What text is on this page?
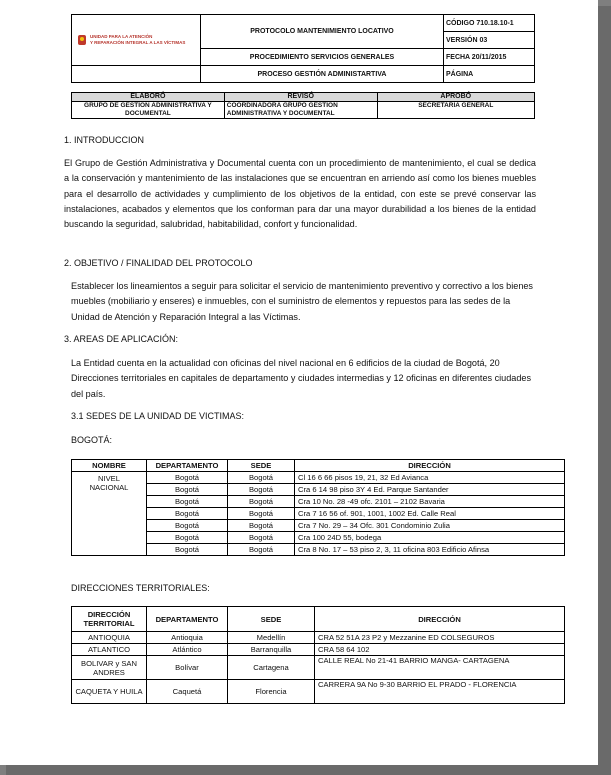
UNIDAD PARA LA ATENCIÓN
Y REPARACIÓN INTEGRAL A LAS VÍCTIMAS	PROTOCOLO MANTENIMIENTO LOCATIVO	CÓDIGO 710.18.10-1
		VERSIÓN 03
	PROCEDIMIENTO SERVICIOS GENERALES	FECHA 20/11/2015
	PROCESO GESTIÓN ADMINISTARTIVA	PÁGINA
ELABORÓ	REVISÓ	APROBÓ
GRUPO DE GESTIÓN ADMINISTRATIVA Y DOCUMENTAL	COORDINADORA GRUPO GESTIÓN ADMINISTRATIVA Y DOCUMENTAL	SECRETARIA GENERAL
1. INTRODUCCION
El Grupo de Gestión Administrativa y Documental cuenta con un procedimiento de mantenimiento, el cual se dedica a la conservación y mantenimiento de las instalaciones que se encuentran en arriendo así como los bienes muebles para el desarrollo de actividades y cumplimiento de los objetivos de la entidad, con este se prevé conservar las instalaciones, acabados y elementos que los conforman para dar una mayor durabilidad a los bienes de la entidad buscando la seguridad, salubridad, habitabilidad, confort y funcionalidad.
2. OBJETIVO / FINALIDAD DEL PROTOCOLO
Establecer los lineamientos a seguir para solicitar el servicio de mantenimiento preventivo y correctivo a los bienes muebles (mobiliario y enseres) e inmuebles, con el suministro de elementos y repuestos para las sedes de la Unidad de Atención y Reparación Integral a las Víctimas.
3. AREAS DE APLICACIÓN:
La Entidad cuenta en la actualidad con oficinas del nivel nacional en 6 edificios de la ciudad de Bogotá, 20 Direcciones territoriales en capitales de departamento y ciudades intermedias y 12 oficinas en diferentes ciudades del país.
3.1 SEDES DE LA UNIDAD DE VICTIMAS:
BOGOTÁ:
NOMBRE	DEPARTAMENTO	SEDE	DIRECCIÓN
NIVEL
NACIONAL	Bogotá	Bogotá	Cl 16 6 66 pisos 19, 21, 32 Ed Avianca
	Bogotá	Bogotá	Cra 6 14 98 piso 3Y 4 Ed. Parque Santander
	Bogotá	Bogotá	Cra 10 No. 28 -49 ofc. 2101 – 2102 Bavaria
	Bogotá	Bogotá	Cra 7 16 56 of. 901, 1001, 1002 Ed. Calle Real
	Bogotá	Bogotá	Cra 7 No. 29 – 34 Ofc. 301 Condominio Zulia
	Bogotá	Bogotá	Cra 100 24D 55, bodega
	Bogotá	Bogotá	Cra 8 No. 17 – 53 piso 2, 3, 11 oficina 803 Edificio Afinsa
DIRECCIONES TERRITORIALES:
DIRECCIÓN TERRITORIAL	DEPARTAMENTO	SEDE	DIRECCIÓN
ANTIOQUIA	Antioquia	Medellín	CRA 52 51A 23 P2 y Mezzanine ED COLSEGUROS
ATLANTICO	Atlántico	Barranquilla	CRA 58 64 102
BOLIVAR y SAN ANDRES	Bolívar	Cartagena	CALLE REAL No 21-41 BARRIO MANGA- CARTAGENA
CAQUETA Y HUILA	Caquetá	Florencia	CARRERA 9A No 9-30 BARRIO EL PRADO - FLORENCIA
